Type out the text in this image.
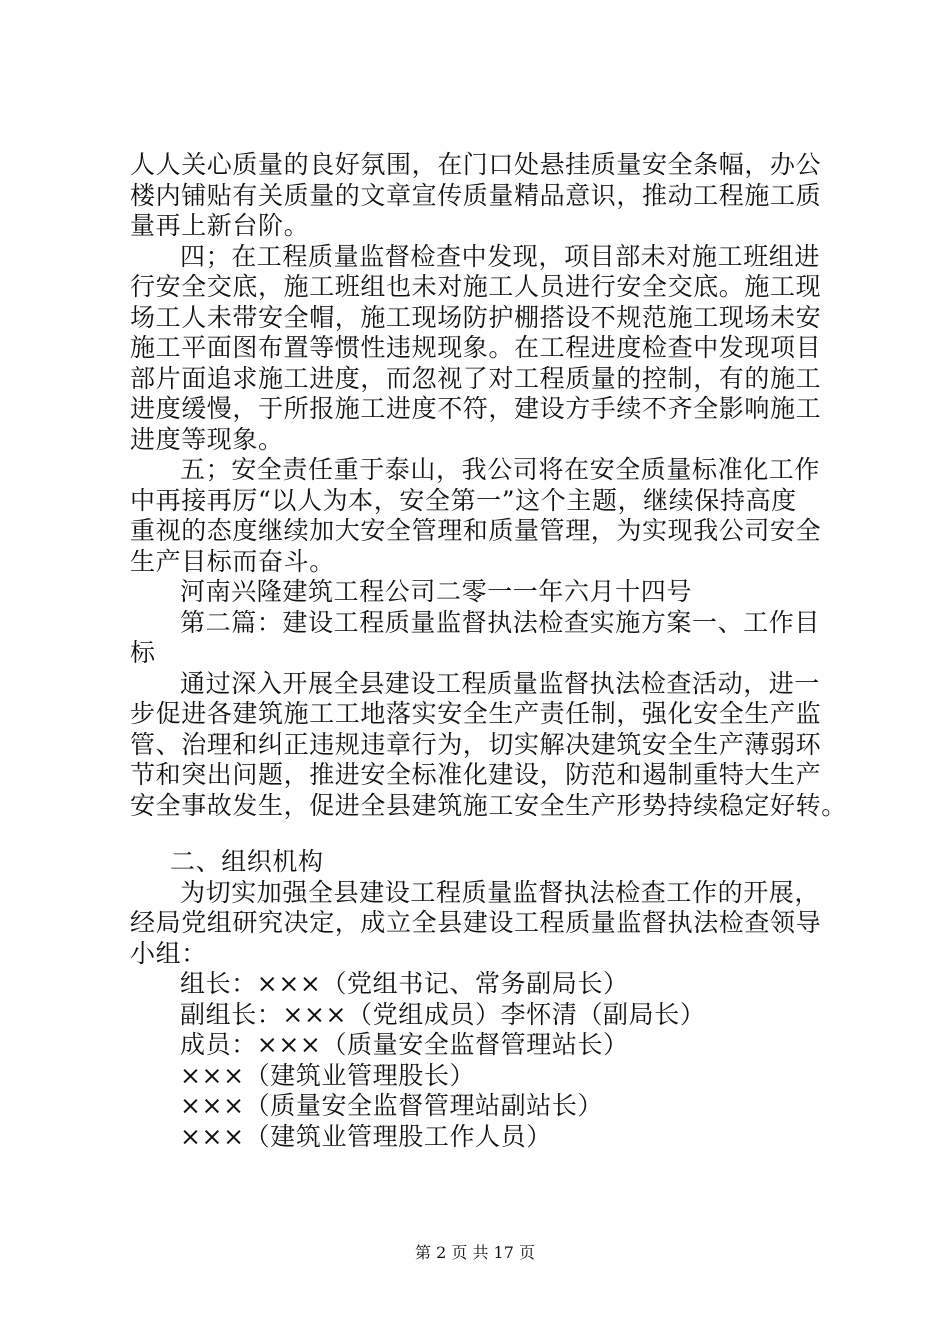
人人关心质量的良好氛围，在门口处悬挂质量安全条幅，办公
楼内铺贴有关质量的文章宣传质量精品意识，推动工程施工质
量再上新台阶。
四；在工程质量监督检查中发现，项目部未对施工班组进
行安全交底，施工班组也未对施工人员进行安全交底。施工现
场工人未带安全帽，施工现场防护棚搭设不规范施工现场未安
施工平面图布置等惯性违规现象。在工程进度检查中发现项目
部片面追求施工进度，而忽视了对工程质量的控制，有的施工
进度缓慢，于所报施工进度不符，建设方手续不齐全影响施工
进度等现象。
五；安全责任重于泰山，我公司将在安全质量标准化工作
中再接再厉“以人为本，安全第一”这个主题，继续保持高度
重视的态度继续加大安全管理和质量管理，为实现我公司安全
生产目标而奋斗。
河南兴隆建筑工程公司二零一一年六月十四号
第二篇：建设工程质量监督执法检查实施方案一、工作目
标
通过深入开展全县建设工程质量监督执法检查活动，进一
步促进各建筑施工工地落实安全生产责任制，强化安全生产监
管、治理和纠正违规违章行为，切实解决建筑安全生产薄弱环
节和突出问题，推进安全标准化建设，防范和遏制重特大生产
安全事故发生，促进全县建筑施工安全生产形势持续稳定好转。
二、组织机构
为切实加强全县建设工程质量监督执法检查工作的开展，
经局党组研究决定，成立全县建设工程质量监督执法检查领导
小组：
组长：×××（党组书记、常务副局长）
副组长：×××（党组成员）李怀清（副局长）
成员：×××（质量安全监督管理站长）
×××（建筑业管理股长）
×××（质量安全监督管理站副站长）
×××（建筑业管理股工作人员）
第 2 页 共 17 页
